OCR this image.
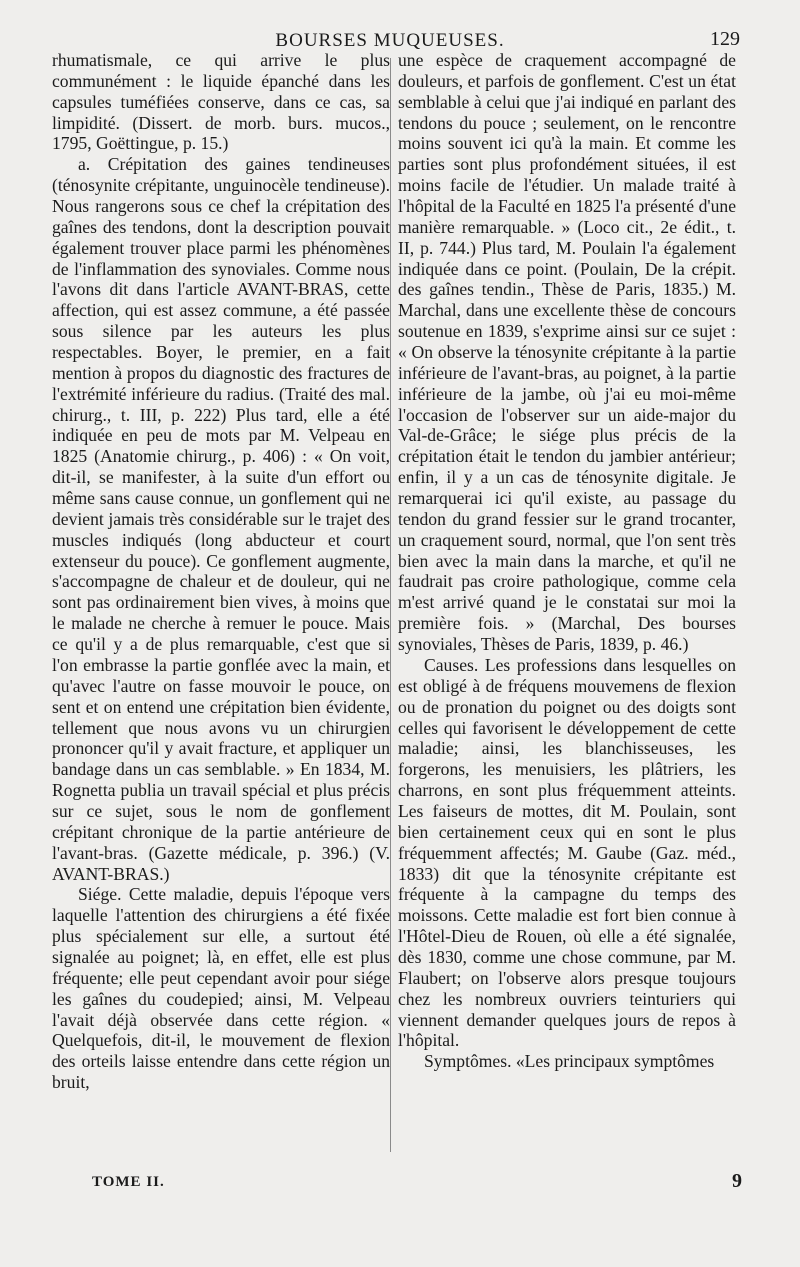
BOURSES MUQUEUSES.	129

rhumatismale, ce qui arrive le plus communément : le liquide épanché dans les capsules tuméfiées conserve, dans ce cas, sa limpidité. (Dissert. de morb. burs. mucos., 1795, Goëttingue, p. 15.)

a. Crépitation des gaines tendineuses (ténosynite crépitante, unguinocèle tendineuse). Nous rangerons sous ce chef la crépitation des gaînes des tendons, dont la description pouvait également trouver place parmi les phénomènes de l'inflammation des synoviales. Comme nous l'avons dit dans l'article AVANT-BRAS, cette affection, qui est assez commune, a été passée sous silence par les auteurs les plus respectables. Boyer, le premier, en a fait mention à propos du diagnostic des fractures de l'extrémité inférieure du radius. (Traité des mal. chirurg., t. III, p. 222) Plus tard, elle a été indiquée en peu de mots par M. Velpeau en 1825 (Anatomie chirurg., p. 406) : « On voit, dit-il, se manifester, à la suite d'un effort ou même sans cause connue, un gonflement qui ne devient jamais très considérable sur le trajet des muscles indiqués (long abducteur et court extenseur du pouce). Ce gonflement augmente, s'accompagne de chaleur et de douleur, qui ne sont pas ordinairement bien vives, à moins que le malade ne cherche à remuer le pouce. Mais ce qu'il y a de plus remarquable, c'est que si l'on embrasse la partie gonflée avec la main, et qu'avec l'autre on fasse mouvoir le pouce, on sent et on entend une crépitation bien évidente, tellement que nous avons vu un chirurgien prononcer qu'il y avait fracture, et appliquer un bandage dans un cas semblable. » En 1834, M. Rognetta publia un travail spécial et plus précis sur ce sujet, sous le nom de gonflement crépitant chronique de la partie antérieure de l'avant-bras. (Gazette médicale, p. 396.) (V. AVANT-BRAS.)

Siége. Cette maladie, depuis l'époque vers laquelle l'attention des chirurgiens a été fixée plus spécialement sur elle, a surtout été signalée au poignet; là, en effet, elle est plus fréquente; elle peut cependant avoir pour siége les gaînes du coudepied; ainsi, M. Velpeau l'avait déjà observée dans cette région. « Quelquefois, dit-il, le mouvement de flexion des orteils laisse entendre dans cette région un bruit,

une espèce de craquement accompagné de douleurs, et parfois de gonflement. C'est un état semblable à celui que j'ai indiqué en parlant des tendons du pouce ; seulement, on le rencontre moins souvent ici qu'à la main. Et comme les parties sont plus profondément situées, il est moins facile de l'étudier. Un malade traité à l'hôpital de la Faculté en 1825 l'a présenté d'une manière remarquable. » (Loco cit., 2e édit., t. II, p. 744.) Plus tard, M. Poulain l'a également indiquée dans ce point. (Poulain, De la crépit. des gaînes tendin., Thèse de Paris, 1835.) M. Marchal, dans une excellente thèse de concours soutenue en 1839, s'exprime ainsi sur ce sujet : « On observe la ténosynite crépitante à la partie inférieure de l'avant-bras, au poignet, à la partie inférieure de la jambe, où j'ai eu moi-même l'occasion de l'observer sur un aide-major du Val-de-Grâce; le siége plus précis de la crépitation était le tendon du jambier antérieur; enfin, il y a un cas de ténosynite digitale. Je remarquerai ici qu'il existe, au passage du tendon du grand fessier sur le grand trocanter, un craquement sourd, normal, que l'on sent très bien avec la main dans la marche, et qu'il ne faudrait pas croire pathologique, comme cela m'est arrivé quand je le constatai sur moi la première fois. » (Marchal, Des bourses synoviales, Thèses de Paris, 1839, p. 46.)

Causes. Les professions dans lesquelles on est obligé à de fréquens mouvemens de flexion ou de pronation du poignet ou des doigts sont celles qui favorisent le développement de cette maladie; ainsi, les blanchisseuses, les forgerons, les menuisiers, les plâtriers, les charrons, en sont plus fréquemment atteints. Les faiseurs de mottes, dit M. Poulain, sont bien certainement ceux qui en sont le plus fréquemment affectés; M. Gaube (Gaz. méd., 1833) dit que la ténosynite crépitante est fréquente à la campagne du temps des moissons. Cette maladie est fort bien connue à l'Hôtel-Dieu de Rouen, où elle a été signalée, dès 1830, comme une chose commune, par M. Flaubert; on l'observe alors presque toujours chez les nombreux ouvriers teinturiers qui viennent demander quelques jours de repos à l'hôpital.

Symptômes. «Les principaux symptômes

TOME II.	9
